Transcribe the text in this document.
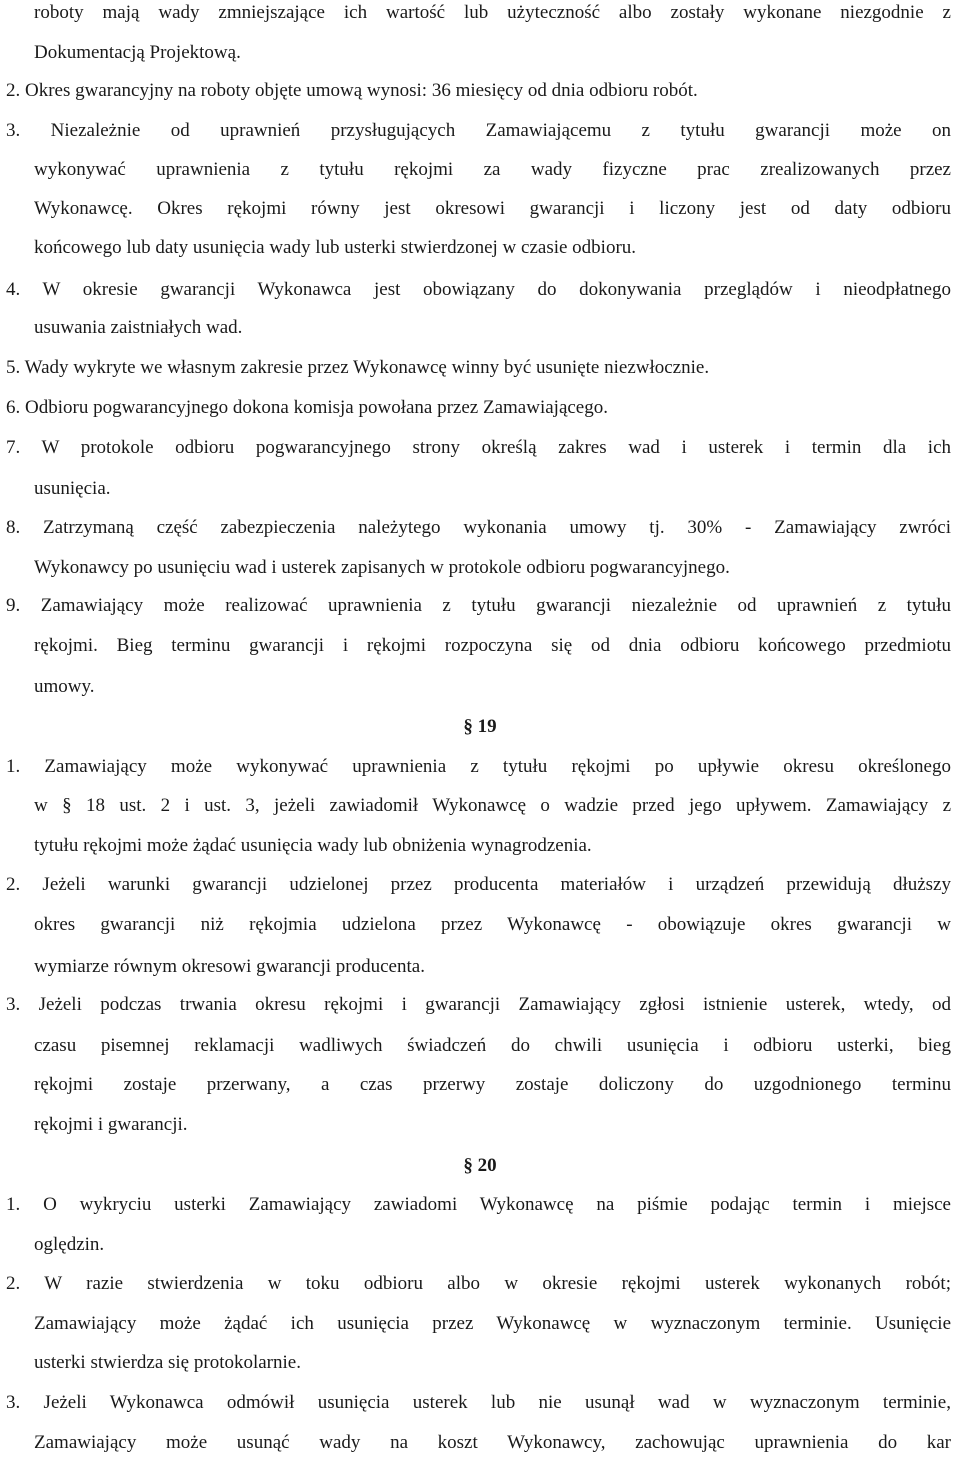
roboty mają wady zmniejszające ich wartość lub użyteczność albo zostały wykonane niezgodnie z
Dokumentacją Projektową.
2. Okres gwarancyjny na roboty objęte umową wynosi: 36 miesięcy od dnia odbioru robót.
3. Niezależnie od uprawnień przysługujących Zamawiającemu z tytułu gwarancji może on
wykonywać uprawnienia z tytułu rękojmi za wady fizyczne prac zrealizowanych przez
Wykonawcę. Okres rękojmi równy jest okresowi gwarancji i liczony jest od daty odbioru
końcowego lub daty usunięcia wady lub usterki stwierdzonej w czasie odbioru.
4. W okresie gwarancji Wykonawca jest obowiązany do dokonywania przeglądów i nieodpłatnego
usuwania zaistniałych wad.
5. Wady wykryte we własnym zakresie przez Wykonawcę winny być usunięte niezwłocznie.
6. Odbioru pogwarancyjnego dokona komisja powołana przez Zamawiającego.
7. W protokole odbioru pogwarancyjnego strony określą zakres wad i usterek i termin dla ich
usunięcia.
8. Zatrzymaną część zabezpieczenia należytego wykonania umowy tj. 30% - Zamawiający zwróci
Wykonawcy po usunięciu wad i usterek zapisanych w protokole odbioru pogwarancyjnego.
9. Zamawiający może realizować uprawnienia z tytułu gwarancji niezależnie od uprawnień z tytułu
rękojmi. Bieg terminu gwarancji i rękojmi rozpoczyna się od dnia odbioru końcowego przedmiotu
umowy.
§ 19
1. Zamawiający może wykonywać uprawnienia z tytułu rękojmi po upływie okresu określonego
w § 18 ust. 2 i ust. 3, jeżeli zawiadomił Wykonawcę o wadzie przed jego upływem. Zamawiający z
tytułu rękojmi może żądać usunięcia wady lub obniżenia wynagrodzenia.
2. Jeżeli warunki gwarancji udzielonej przez producenta materiałów i urządzeń przewidują dłuższy
okres gwarancji niż rękojmia udzielona przez Wykonawcę - obowiązuje okres gwarancji w
wymiarze równym okresowi gwarancji producenta.
3. Jeżeli podczas trwania okresu rękojmi i gwarancji Zamawiający zgłosi istnienie usterek, wtedy, od
czasu pisemnej reklamacji wadliwych świadczeń do chwili usunięcia i odbioru usterki, bieg
rękojmi zostaje przerwany, a czas przerwy zostaje doliczony do uzgodnionego terminu
rękojmi i gwarancji.
§ 20
1. O wykryciu usterki Zamawiający zawiadomi Wykonawcę na piśmie podając termin i miejsce
oględzin.
2. W razie stwierdzenia w toku odbioru albo w okresie rękojmi usterek wykonanych robót;
Zamawiający może żądać ich usunięcia przez Wykonawcę w wyznaczonym terminie. Usunięcie
usterki stwierdza się protokolarnie.
3. Jeżeli Wykonawca odmówił usunięcia usterek lub nie usunął wad w wyznaczonym terminie,
Zamawiający może usunąć wady na koszt Wykonawcy, zachowując uprawnienia do kar
